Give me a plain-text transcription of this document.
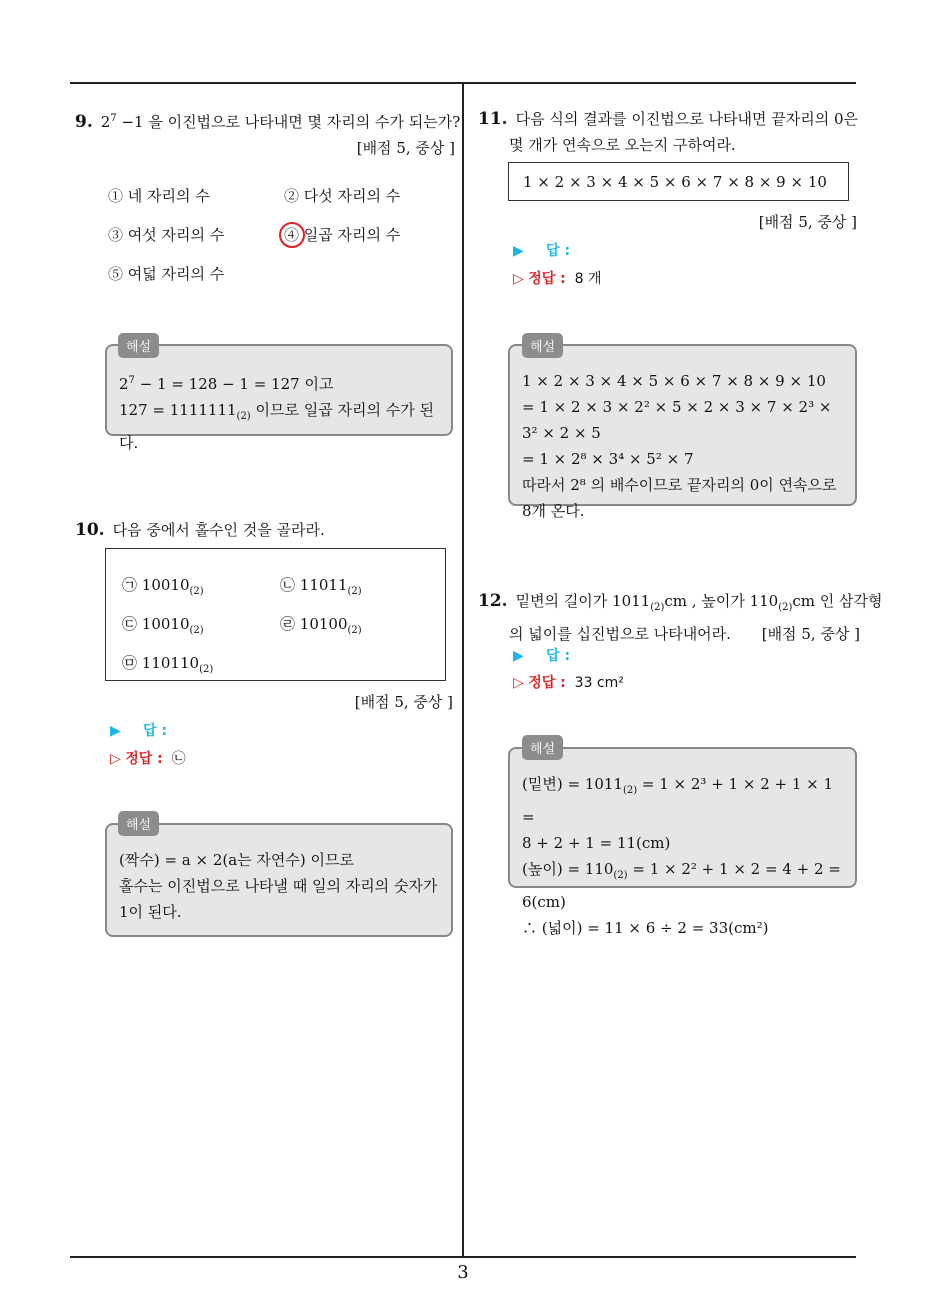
9. $2^7 -1$ 을 이진법으로 나타내면 몇 자리의 수가 되는가?
[배점 5, 중상 ]
① 네 자리의 수	② 다섯 자리의 수
③ 여섯 자리의 수	④ 일곱 자리의 수
⑤ 여덟 자리의 수
$2^7 - 1 = 128 - 1 = 127$ 이고
$127 = 1111111_{(2)}$ 이므로 일곱 자리의 수가 된다.
해설
10. 다음 중에서 홀수인 것을 골라라.
㉠ $10010_{(2)}$	㉡ $11011_{(2)}$
㉢ $10010_{(2)}$	㉣ $10100_{(2)}$
㉤ $110110_{(2)}$
[배점 5, 중상 ]
▶ 답 :
▷ 정답 : ㉡
(짝수) = a × 2(a는 자연수) 이므로
홀수는 이진법으로 나타낼 때 일의 자리의 숫자가
1이 된다.
해설
11. 다음 식의 결과를 이진법으로 나타내면 끝자리의 0은
몇 개가 연속으로 오는지 구하여라.
1 × 2 × 3 × 4 × 5 × 6 × 7 × 8 × 9 × 10
[배점 5, 중상 ]
▶ 답 :
▷ 정답 : 8 개
1 × 2 × 3 × 4 × 5 × 6 × 7 × 8 × 9 × 10
= 1 × 2 × 3 × 2² × 5 × 2 × 3 × 7 × 2³ × 3² × 2 × 5
= 1 × 2⁸ × 3⁴ × 5² × 7
따라서 2⁸ 의 배수이므로 끝자리의 0이 연속으로
8개 온다.
해설
12. 밑변의 길이가 $1011_{(2)}cm$ , 높이가 $110_{(2)}cm$ 인 삼각형
의 넓이를 십진법으로 나타내어라. [배점 5, 중상 ]
▶ 답 :
▷ 정답 : 33 cm²
(밑변) = $1011_{(2)} = 1 \times 2^3 + 1 \times 2 + 1 \times 1$ =
8 + 2 + 1 = 11(cm)
(높이) = $110_{(2)} = 1 \times 2^2 + 1 \times 2 = 4 + 2 = 6(cm)$
∴ (넓이) = 11 × 6 ÷ 2 = 33(cm²)
해설
3
